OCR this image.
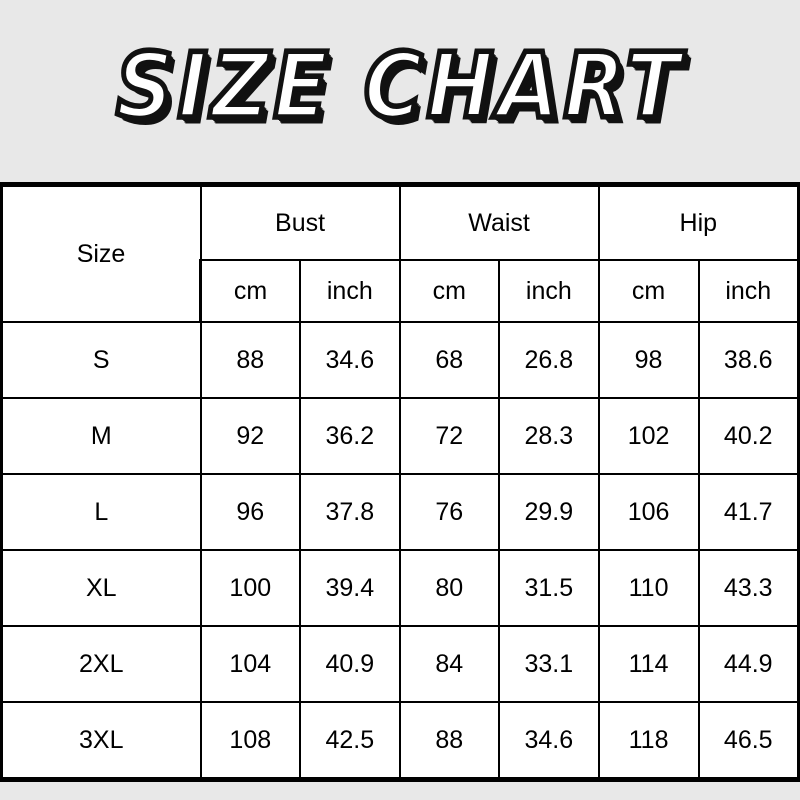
SIZE CHART
Size	Bust		Waist		Hip	
	cm	inch	cm	inch	cm	inch
S	88	34.6	68	26.8	98	38.6
M	92	36.2	72	28.3	102	40.2
L	96	37.8	76	29.9	106	41.7
XL	100	39.4	80	31.5	110	43.3
2XL	104	40.9	84	33.1	114	44.9
3XL	108	42.5	88	34.6	118	46.5
